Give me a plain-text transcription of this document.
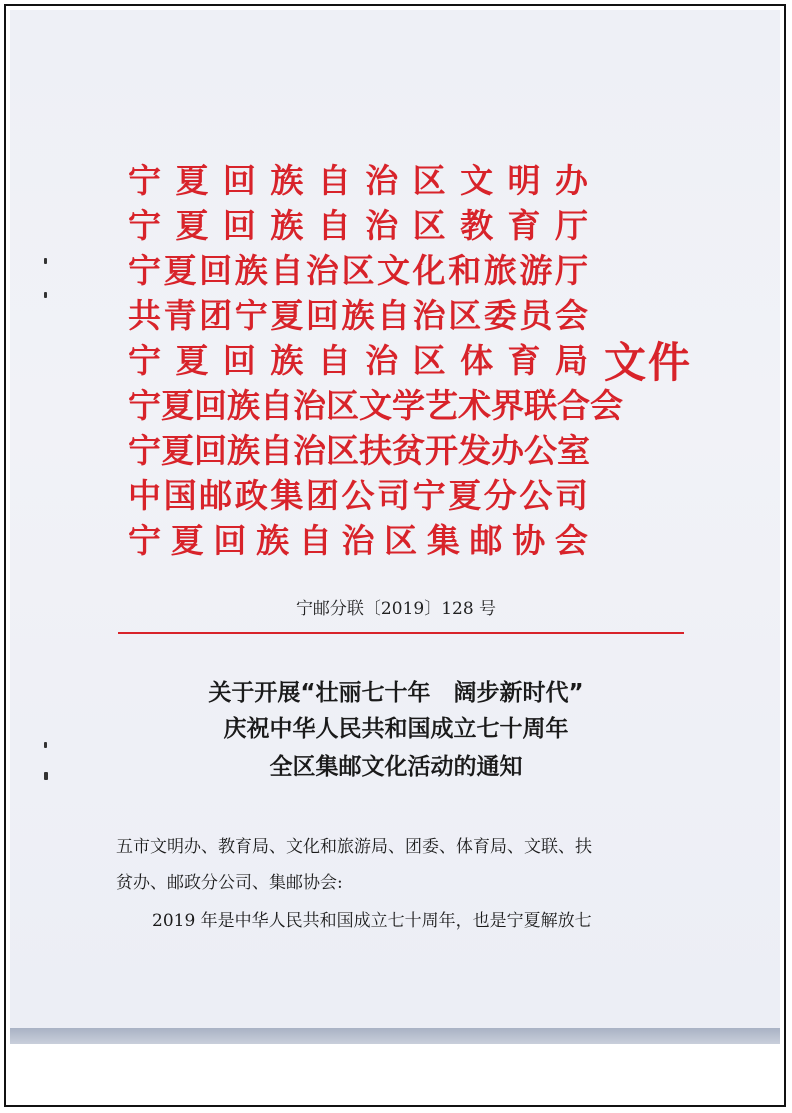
宁 夏 回 族 自 治 区 文 明 办
宁 夏 回 族 自 治 区 教 育 厅
宁 夏 回 族 自 治 区 文 化 和 旅 游 厅
共 青 团 宁 夏 回 族 自 治 区 委 员 会
宁 夏 回 族 自 治 区 体 育 局
宁 夏 回 族 自 治 区 文 学 艺 术 界 联 合 会
宁 夏 回 族 自 治 区 扶 贫 开 发 办 公 室
中 国 邮 政 集 团 公 司 宁 夏 分 公 司
宁 夏 回 族 自 治 区 集 邮 协 会
文件
宁邮分联〔2019〕128 号
关于开展“壮丽七十年　阔步新时代”
庆祝中华人民共和国成立七十周年
全区集邮文化活动的通知
五市文明办、教育局、文化和旅游局、团委、体育局、文联、扶
贫办、邮政分公司、集邮协会:
2019 年是中华人民共和国成立七十周年，也是宁夏解放七
